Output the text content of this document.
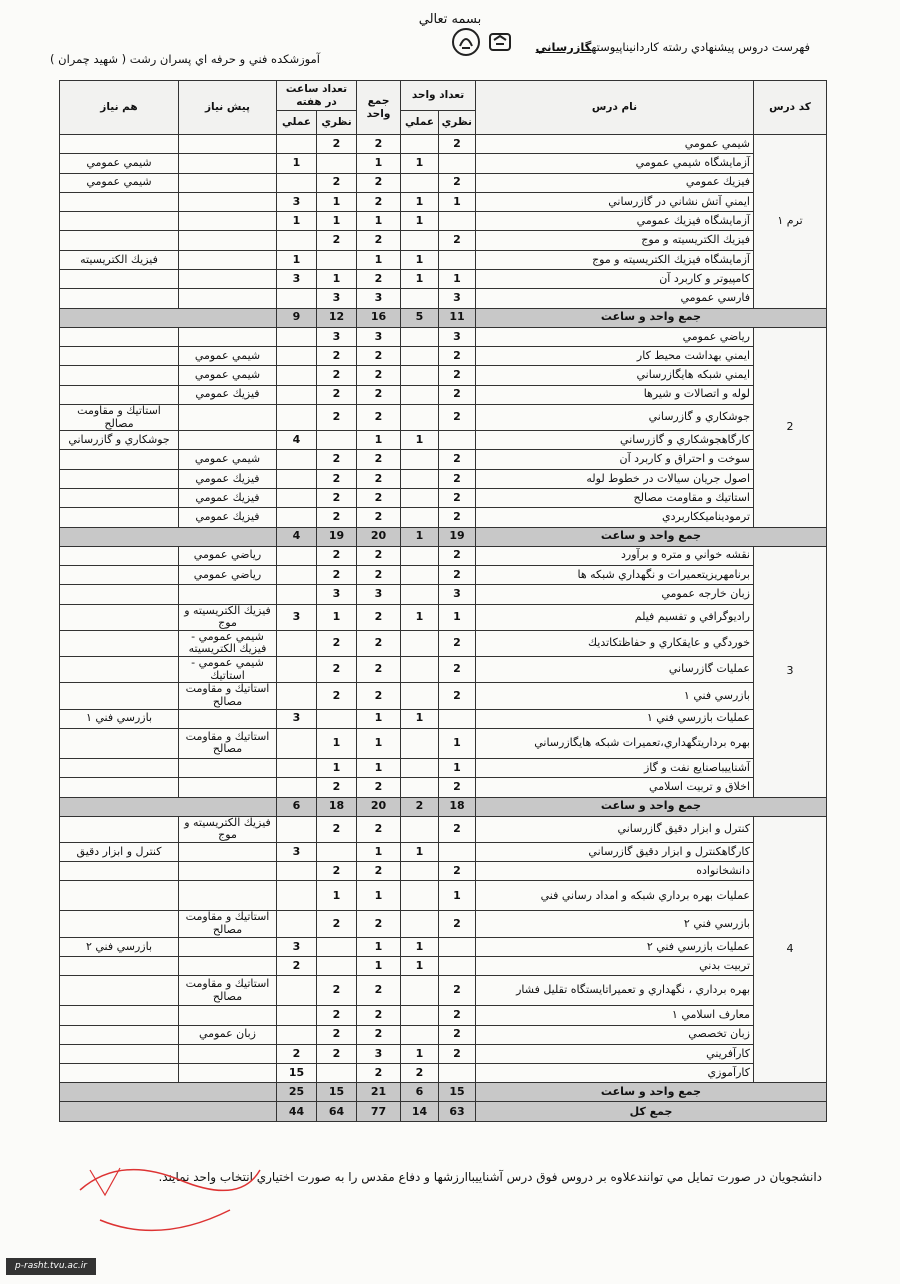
بسمه تعالي
فهرست دروس پيشنهادي رشته كاردانيناپيوستهگازرساني
آموزشكده فني و حرفه اي پسران رشت ( شهيد چمران )
كد درس	نام درس	تعداد واحد		جمع واحد	تعداد ساعت در هفته		پيش نياز	هم نياز
		نظري	عملي		نظري	عملي		
ترم ۱	شيمي عمومي	2		2	2			
	آزمايشگاه شيمي عمومي		1	1		1		شيمي عمومي
	فيزيك عمومي	2		2	2			شيمي عمومي
	ايمني آتش نشاني در گازرساني	1	1	2	1	3		
	آزمايشگاه فيزيك عمومي		1	1	1	1		
	فيزيك الكتريسيته و موج	2		2	2			
	آزمايشگاه فيزيك الكتريسيته و موج		1	1		1		فيزيك الكتريسيته
	كامپيوتر و كاربرد آن	1	1	2	1	3		
	فارسي عمومي	3		3	3			
جمع واحد و ساعت		11	5	16	12	9		
2	رياضي عمومي	3		3	3			
	ايمني بهداشت محيط كار	2		2	2		شيمي عمومي	
	ايمني شبكه هايگازرساني	2		2	2		شيمي عمومي	
	لوله و اتصالات و شيرها	2		2	2		فيزيك عمومي	
	جوشكاري و گازرساني	2		2	2			استاتيك و مقاومت مصالح
	كارگاهجوشكاري و گازرساني		1	1		4		جوشكاري و گازرساني
	سوخت و احتراق و كاربرد آن	2		2	2		شيمي عمومي	
	اصول جريان سيالات در خطوط لوله	2		2	2		فيزيك عمومي	
	استاتيك و مقاومت مصالح	2		2	2		فيزيك عمومي	
	ترموديناميككاربردي	2		2	2		فيزيك عمومي	
جمع واحد و ساعت		19	1	20	19	4		
3	نقشه خواني و متره و برآورد	2		2	2		رياضي عمومي	
	برنامهريزيتعميرات و نگهداري شبكه ها	2		2	2		رياضي عمومي	
	زبان خارجه عمومي	3		3	3			
	راديوگرافي و تفسيم فيلم	1	1	2	1	3	فيزيك الكتريسيته و موج	
	خوردگي و عايقكاري و حفاظتكاتديك	2		2	2		شيمي عمومي - فيزيك الكتريسيته	
	عمليات گازرساني	2		2	2		شيمي عمومي - استاتيك	
	بازرسي فني ۱	2		2	2		استاتيك و مقاومت مصالح	
	عمليات بازرسي فني ۱		1	1		3		بازرسي فني ۱
	بهره برداريتگهداري،تعميرات شبكه هايگازرساني	1		1	1		استاتيك و مقاومت مصالح	
	آشناييباصنايع نفت و گاز	1		1	1			
	اخلاق و تربيت اسلامي	2		2	2			
جمع واحد و ساعت		18	2	20	18	6		
4	كنترل و ابزار دقيق گازرساني	2		2	2		فيزيك الكتريسيته و موج	
	كارگاهكنترل و ابزار دقيق گازرساني		1	1		3		كنترل و ابزار دقيق
	دانشخانواده	2		2	2			
	عمليات بهره برداري شبكه و امداد رساني فني	1		1	1			
	بازرسي فني ۲	2		2	2		استاتيك و مقاومت مصالح	
	عمليات بازرسي فني ۲		1	1		3		بازرسي فني ۲
	تربيت بدني		1	1		2		
	بهره برداري ، نگهداري و تعميراتايستگاه تقليل فشار	2		2	2		استاتيك و مقاومت مصالح	
	معارف اسلامي ۱	2		2	2			
	زبان تخصصي	2		2	2		زبان عمومي	
	كارآفريني	2	1	3	2	2		
	كارآموزي		2	2		15		
جمع واحد و ساعت		15	6	21	15	25		
جمع كل		63	14	77	64	44		
دانشجويان در صورت تمايل مي توانندعلاوه بر دروس فوق درس آشناييباارزشها و دفاع مقدس را به صورت اختياري انتخاب واحد نمايند.
p-rasht.tvu.ac.ir
